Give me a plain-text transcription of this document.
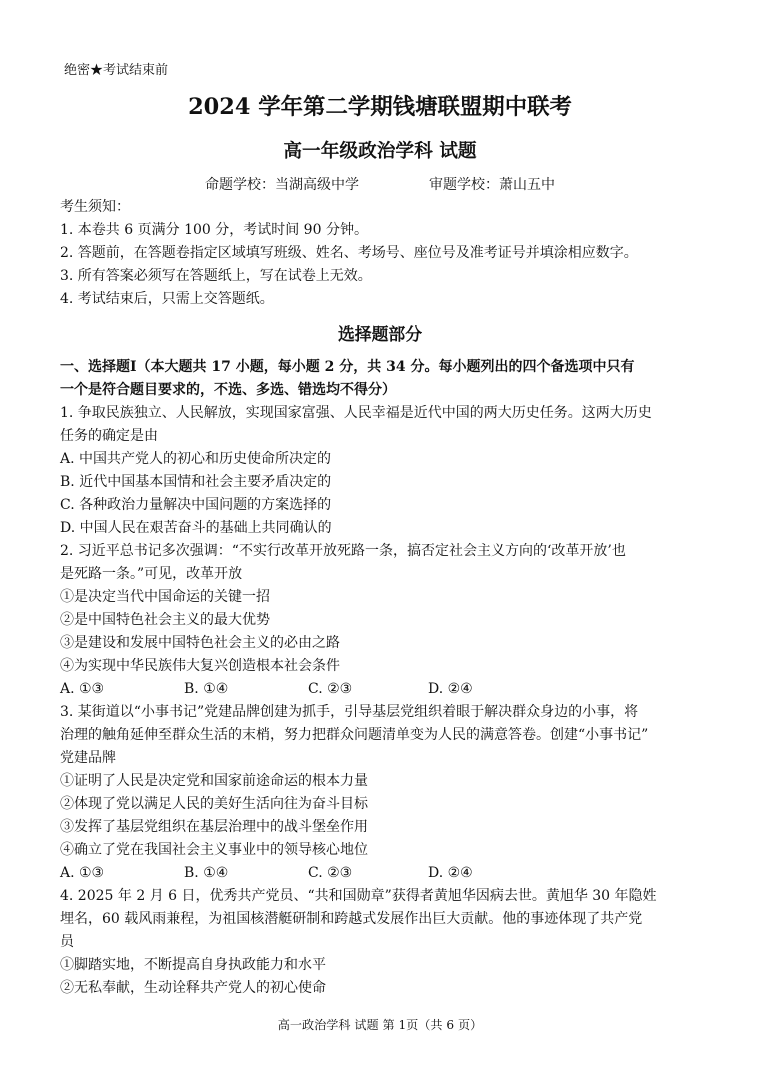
绝密★考试结束前
2024 学年第二学期钱塘联盟期中联考
高一年级政治学科 试题
命题学校：当湖高级中学	审题学校：萧山五中
考生须知：
1. 本卷共 6 页满分 100 分，考试时间 90 分钟。
2. 答题前，在答题卷指定区域填写班级、姓名、考场号、座位号及准考证号并填涂相应数字。
3. 所有答案必须写在答题纸上，写在试卷上无效。
4. 考试结束后，只需上交答题纸。
选择题部分
一、选择题Ⅰ（本大题共 17 小题，每小题 2 分，共 34 分。每小题列出的四个备选项中只有
一个是符合题目要求的，不选、多选、错选均不得分）
1. 争取民族独立、人民解放，实现国家富强、人民幸福是近代中国的两大历史任务。这两大历史
任务的确定是由
A. 中国共产党人的初心和历史使命所决定的
B. 近代中国基本国情和社会主要矛盾决定的
C. 各种政治力量解决中国问题的方案选择的
D. 中国人民在艰苦奋斗的基础上共同确认的
2. 习近平总书记多次强调：“不实行改革开放死路一条，搞否定社会主义方向的‘改革开放’也
是死路一条。”可见，改革开放
①是决定当代中国命运的关键一招
②是中国特色社会主义的最大优势
③是建设和发展中国特色社会主义的必由之路
④为实现中华民族伟大复兴创造根本社会条件
A. ①③	B. ①④	C. ②③	D. ②④
3. 某街道以“小事书记”党建品牌创建为抓手，引导基层党组织着眼于解决群众身边的小事，将
治理的触角延伸至群众生活的末梢，努力把群众问题清单变为人民的满意答卷。创建“小事书记”
党建品牌
①证明了人民是决定党和国家前途命运的根本力量
②体现了党以满足人民的美好生活向往为奋斗目标
③发挥了基层党组织在基层治理中的战斗堡垒作用
④确立了党在我国社会主义事业中的领导核心地位
A. ①③	B. ①④	C. ②③	D. ②④
4. 2025 年 2 月 6 日，优秀共产党员、“共和国勋章”获得者黄旭华因病去世。黄旭华 30 年隐姓
埋名，60 载风雨兼程，为祖国核潜艇研制和跨越式发展作出巨大贡献。他的事迹体现了共产党
员
①脚踏实地，不断提高自身执政能力和水平
②无私奉献，生动诠释共产党人的初心使命
高一政治学科 试题 第 1页（共 6 页）
